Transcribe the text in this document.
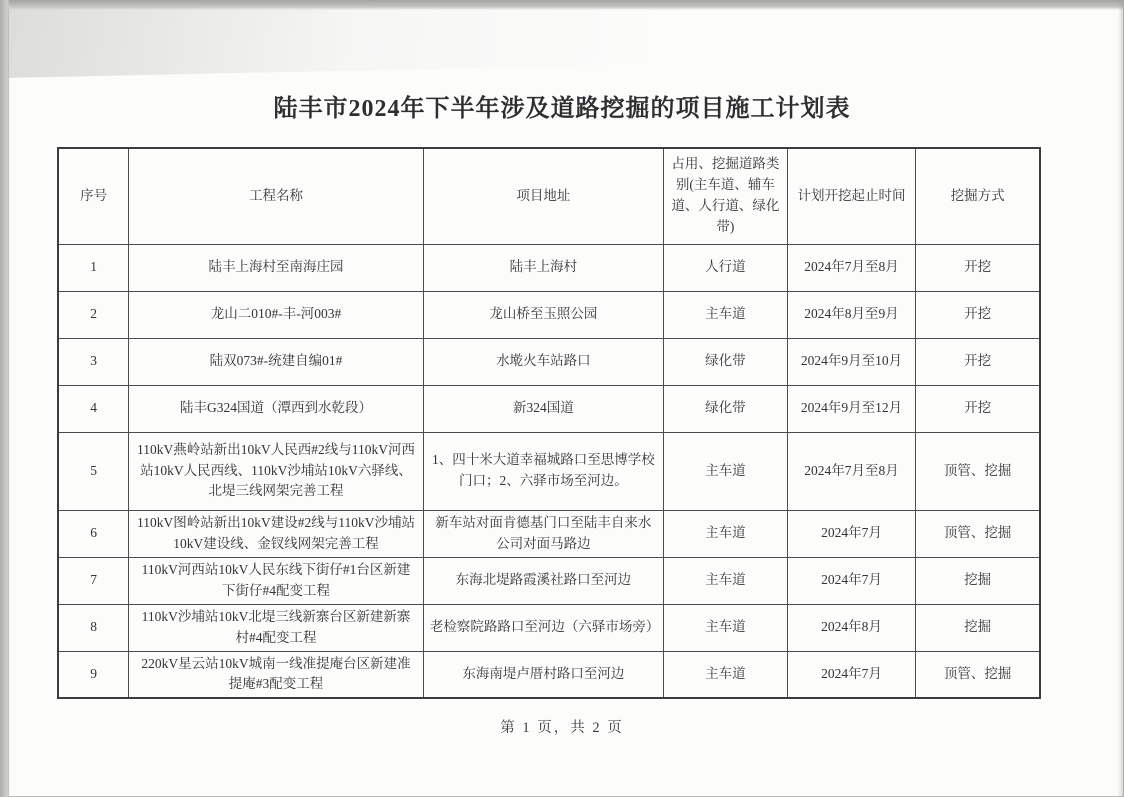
陆丰市2024年下半年涉及道路挖掘的项目施工计划表
序号	工程名称	项目地址	占用、挖掘道路类别(主车道、辅车道、人行道、绿化带)	计划开挖起止时间	挖掘方式
1	陆丰上海村至南海庄园	陆丰上海村	人行道	2024年7月至8月	开挖
2	龙山二010#-丰-河003#	龙山桥至玉照公园	主车道	2024年8月至9月	开挖
3	陆双073#-统建自编01#	水墘火车站路口	绿化带	2024年9月至10月	开挖
4	陆丰G324国道（潭西到水乾段）	新324国道	绿化带	2024年9月至12月	开挖
5	110kV燕岭站新出10kV人民西#2线与110kV河西站10kV人民西线、110kV沙埔站10kV六驿线、北堤三线网架完善工程	1、四十米大道幸福城路口至思博学校门口；2、六驿市场至河边。	主车道	2024年7月至8月	顶管、挖掘
6	110kV图岭站新出10kV建设#2线与110kV沙埔站10kV建设线、金钗线网架完善工程	新车站对面肯德基门口至陆丰自来水公司对面马路边	主车道	2024年7月	顶管、挖掘
7	110kV河西站10kV人民东线下街仔#1台区新建下街仔#4配变工程	东海北堤路霞溪社路口至河边	主车道	2024年7月	挖掘
8	110kV沙埔站10kV北堤三线新寨台区新建新寨村#4配变工程	老检察院路路口至河边（六驿市场旁）	主车道	2024年8月	挖掘
9	220kV星云站10kV城南一线准提庵台区新建准提庵#3配变工程	东海南堤卢厝村路口至河边	主车道	2024年7月	顶管、挖掘
第 1 页，共 2 页
